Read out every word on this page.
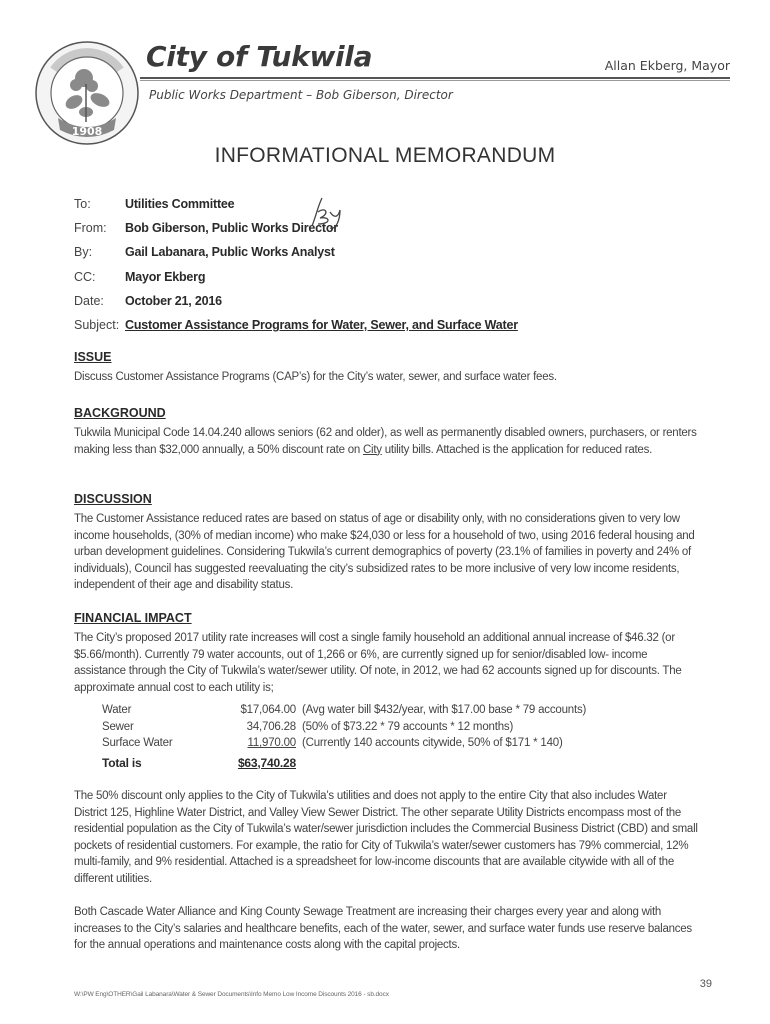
1908
City of Tukwila	Allan Ekberg, Mayor
Public Works Department – Bob Giberson, Director
INFORMATIONAL MEMORANDUM
To:	Utilities Committee
From: Bob Giberson, Public Works Director
By:	Gail Labanara, Public Works Analyst
CC: Mayor Ekberg
Date: October 21, 2016
Subject: Customer Assistance Programs for Water, Sewer, and Surface Water
ISSUE
Discuss Customer Assistance Programs (CAP’s) for the City’s water, sewer, and surface water fees.
BACKGROUND
Tukwila Municipal Code 14.04.240 allows seniors (62 and older), as well as permanently disabled owners, purchasers, or renters making less than $32,000 annually, a 50% discount rate on City utility bills. Attached is the application for reduced rates.
DISCUSSION
The Customer Assistance reduced rates are based on status of age or disability only, with no considerations given to very low income households, (30% of median income) who make $24,030 or less for a household of two, using 2016 federal housing and urban development guidelines. Considering Tukwila’s current demographics of poverty (23.1% of families in poverty and 24% of individuals), Council has suggested reevaluating the city’s subsidized rates to be more inclusive of very low income residents, independent of their age and disability status.
FINANCIAL IMPACT
The City’s proposed 2017 utility rate increases will cost a single family household an additional annual increase of $46.32 (or $5.66/month). Currently 79 water accounts, out of 1,266 or 6%, are currently signed up for senior/disabled low- income assistance through the City of Tukwila’s water/sewer utility. Of note, in 2012, we had 62 accounts signed up for discounts. The approximate annual cost to each utility is;
Water	$17,064.00 (Avg water bill $432/year, with $17.00 base * 79 accounts)
Sewer	34,706.28 (50% of $73.22 * 79 accounts * 12 months)
Surface Water	11,970.00 (Currently 140 accounts citywide, 50% of $171 * 140)
Total is	$63,740.28
The 50% discount only applies to the City of Tukwila’s utilities and does not apply to the entire City that also includes Water District 125, Highline Water District, and Valley View Sewer District. The other separate Utility Districts encompass most of the residential population as the City of Tukwila’s water/sewer jurisdiction includes the Commercial Business District (CBD) and small pockets of residential customers. For example, the ratio for City of Tukwila’s water/sewer customers has 79% commercial, 12% multi-family, and 9% residential. Attached is a spreadsheet for low-income discounts that are available citywide with all of the different utilities.
Both Cascade Water Alliance and King County Sewage Treatment are increasing their charges every year and along with increases to the City’s salaries and healthcare benefits, each of the water, sewer, and surface water funds use reserve balances for the annual operations and maintenance costs along with the capital projects.
39
W:\PW Eng\OTHER\Gail Labanara\Water & Sewer Documents\Info Memo Low Income Discounts 2016 - sb.docx
